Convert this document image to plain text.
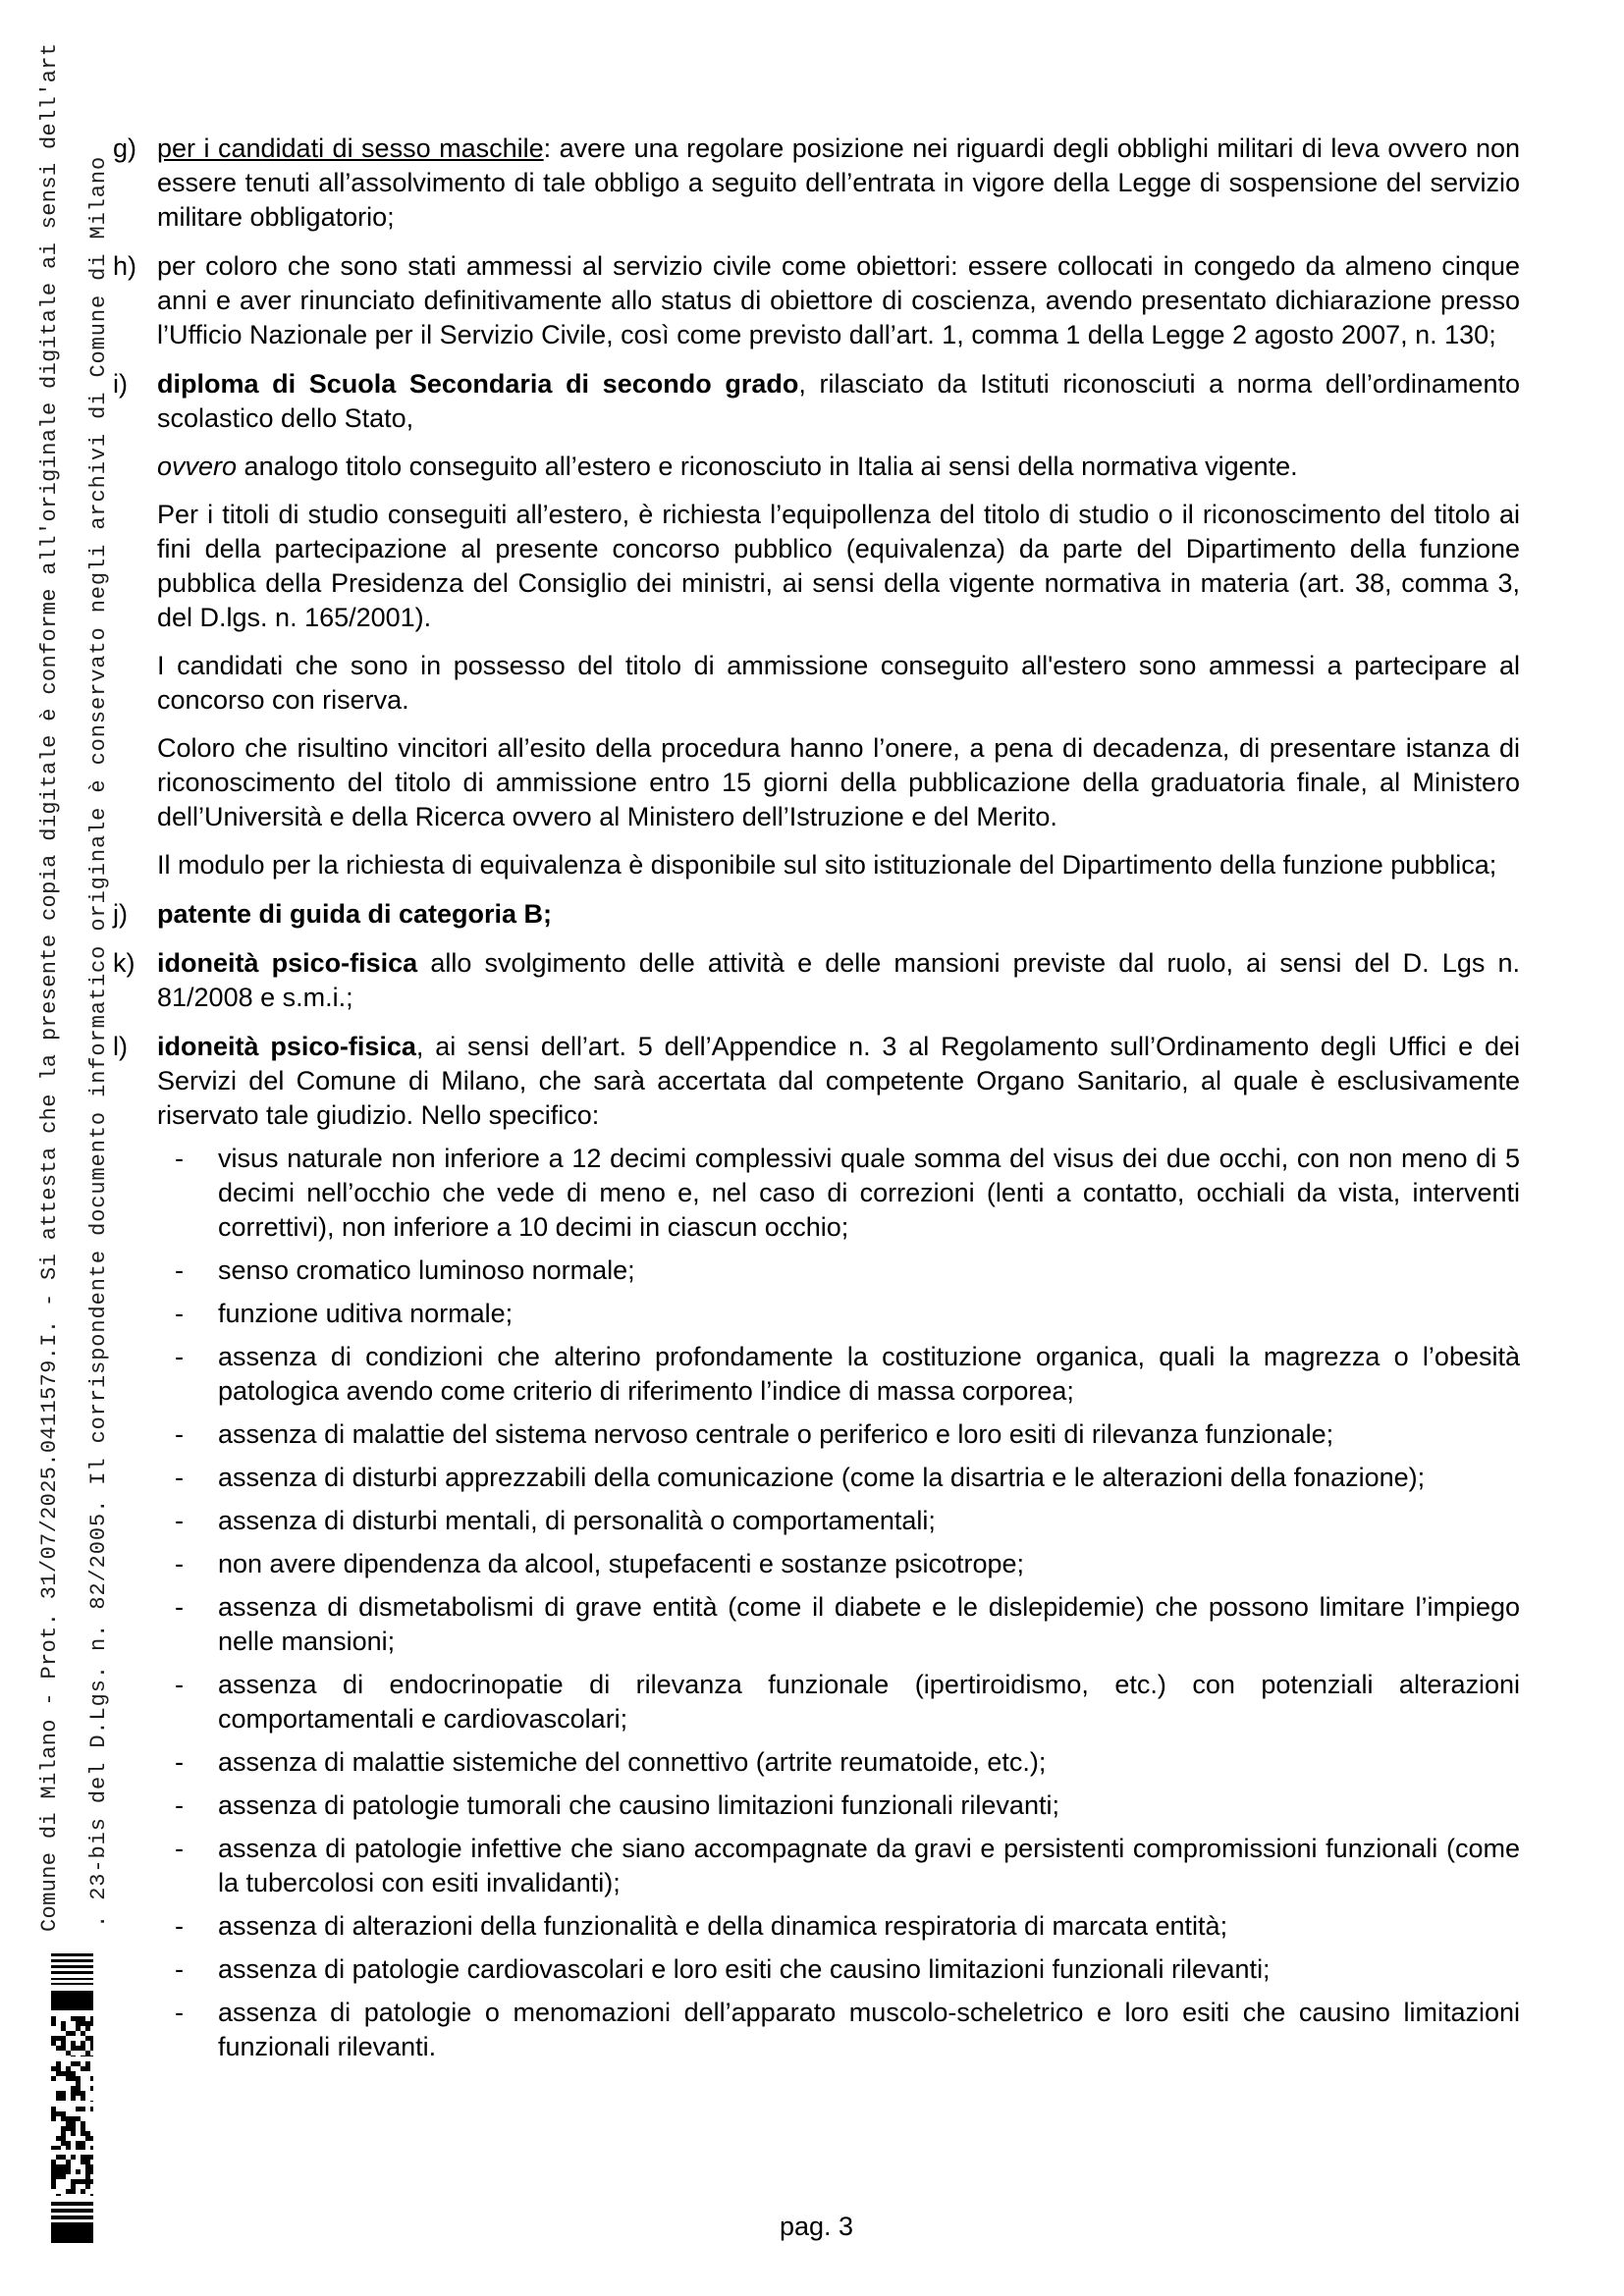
Comune di Milano - Prot. 31/07/2025.0411579.I. - Si attesta che la presente copia digitale è conforme all'originale digitale ai sensi dell'art . 23-bis del D.Lgs. n. 82/2005. Il corrispondente documento informatico originale è conservato negli archivi di Comune di Milano
g) per i candidati di sesso maschile: avere una regolare posizione nei riguardi degli obblighi militari di leva ovvero non essere tenuti all’assolvimento di tale obbligo a seguito dell’entrata in vigore della Legge di sospensione del servizio militare obbligatorio;
h) per coloro che sono stati ammessi al servizio civile come obiettori: essere collocati in congedo da almeno cinque anni e aver rinunciato definitivamente allo status di obiettore di coscienza, avendo presentato dichiarazione presso l’Ufficio Nazionale per il Servizio Civile, così come previsto dall’art. 1, comma 1 della Legge 2 agosto 2007, n. 130;
i)	diploma di Scuola Secondaria di secondo grado, rilasciato da Istituti riconosciuti a norma dell’ordinamento scolastico dello Stato,
ovvero analogo titolo conseguito all’estero e riconosciuto in Italia ai sensi della normativa vigente.
Per i titoli di studio conseguiti all’estero, è richiesta l’equipollenza del titolo di studio o il riconoscimento del titolo ai fini della partecipazione al presente concorso pubblico (equivalenza) da parte del Dipartimento della funzione pubblica della Presidenza del Consiglio dei ministri, ai sensi della vigente normativa in materia (art. 38, comma 3, del D.lgs. n. 165/2001).
I candidati che sono in possesso del titolo di ammissione conseguito all'estero sono ammessi a partecipare al concorso con riserva.
Coloro che risultino vincitori all’esito della procedura hanno l’onere, a pena di decadenza, di presentare istanza di riconoscimento del titolo di ammissione entro 15 giorni della pubblicazione della graduatoria finale, al Ministero dell’Università e della Ricerca ovvero al Ministero dell’Istruzione e del Merito.
Il modulo per la richiesta di equivalenza è disponibile sul sito istituzionale del Dipartimento della funzione pubblica;
j)	patente di guida di categoria B;
k) idoneità psico-fisica allo svolgimento delle attività e delle mansioni previste dal ruolo, ai sensi del D. Lgs n. 81/2008 e s.m.i.;
l)	idoneità psico-fisica, ai sensi dell’art. 5 dell’Appendice n. 3 al Regolamento sull’Ordinamento degli Uffici e dei Servizi del Comune di Milano, che sarà accertata dal competente Organo Sanitario, al quale è esclusivamente riservato tale giudizio. Nello specifico:
-	visus naturale non inferiore a 12 decimi complessivi quale somma del visus dei due occhi, con non meno di 5 decimi nell’occhio che vede di meno e, nel caso di correzioni (lenti a contatto, occhiali da vista, interventi correttivi), non inferiore a 10 decimi in ciascun occhio;
-	senso cromatico luminoso normale;
-	funzione uditiva normale;
-	assenza di condizioni che alterino profondamente la costituzione organica, quali la magrezza o l’obesità patologica avendo come criterio di riferimento l’indice di massa corporea;
-	assenza di malattie del sistema nervoso centrale o periferico e loro esiti di rilevanza funzionale;
-	assenza di disturbi apprezzabili della comunicazione (come la disartria e le alterazioni della fonazione);
-	assenza di disturbi mentali, di personalità o comportamentali;
-	non avere dipendenza da alcool, stupefacenti e sostanze psicotrope;
-	assenza di dismetabolismi di grave entità (come il diabete e le dislepidemie) che possono limitare l’impiego nelle mansioni;
-	assenza di endocrinopatie di rilevanza funzionale (ipertiroidismo, etc.) con potenziali alterazioni comportamentali e cardiovascolari;
-	assenza di malattie sistemiche del connettivo (artrite reumatoide, etc.);
-	assenza di patologie tumorali che causino limitazioni funzionali rilevanti;
-	assenza di patologie infettive che siano accompagnate da gravi e persistenti compromissioni funzionali (come la tubercolosi con esiti invalidanti);
-	assenza di alterazioni della funzionalità e della dinamica respiratoria di marcata entità;
-	assenza di patologie cardiovascolari e loro esiti che causino limitazioni funzionali rilevanti;
-	assenza di patologie o menomazioni dell’apparato muscolo-scheletrico e loro esiti che causino limitazioni funzionali rilevanti.
pag. 3
